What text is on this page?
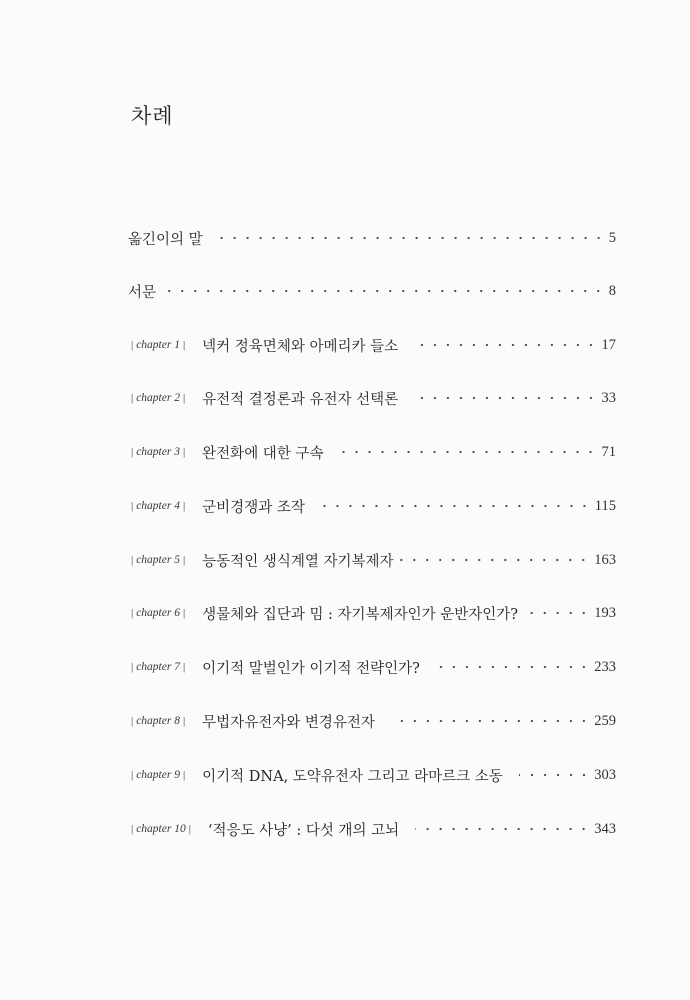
차례
옮긴이의 말	5
서문	8
| chapter 1 | 넥커 정육면체와 아메리카 들소	17
| chapter 2 | 유전적 결정론과 유전자 선택론	33
| chapter 3 | 완전화에 대한 구속	71
| chapter 4 | 군비경쟁과 조작	115
| chapter 5 | 능동적인 생식계열 자기복제자	163
| chapter 6 | 생물체와 집단과 밈 : 자기복제자인가 운반자인가?	193
| chapter 7 | 이기적 말벌인가 이기적 전략인가?	233
| chapter 8 | 무법자유전자와 변경유전자	259
| chapter 9 | 이기적 DNA, 도약유전자 그리고 라마르크 소동	303
| chapter 10 | ‘적응도 사냥’ : 다섯 개의 고뇌	343
